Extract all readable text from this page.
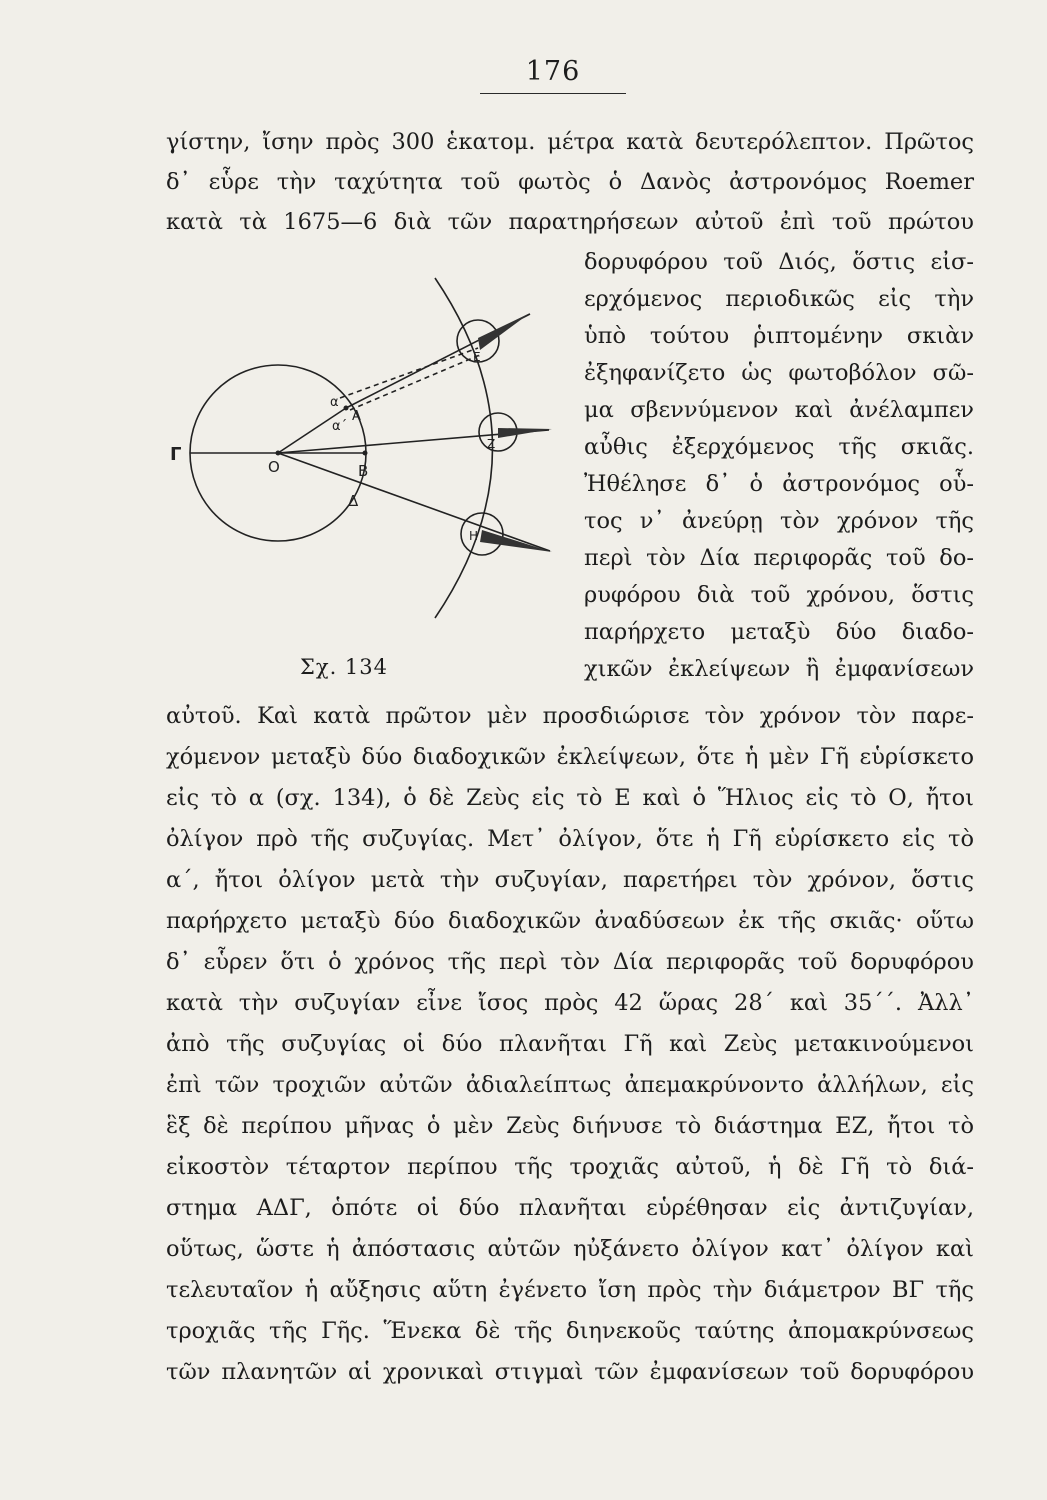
176
γίστην, ἴσην πρὸς 300 ἑκατομ. μέτρα κατὰ δευτερόλεπτον. Πρῶτος
δ᾽ εὗρε τὴν ταχύτητα τοῦ φωτὸς ὁ Δανὸς ἀστρονόμος Roemer
κατὰ τὰ 1675—6 διὰ τῶν παρατηρήσεων αὐτοῦ ἐπὶ τοῦ πρώτου
δορυφόρου τοῦ Διός, ὅστις εἰσ-
ερχόμενος περιοδικῶς εἰς τὴν
ὑπὸ τούτου ῥιπτομένην σκιὰν
ἐξηφανίζετο ὡς φωτοβόλον σῶ-
μα σβεννύμενον καὶ ἀνέλαμπεν
αὖθις ἐξερχόμενος τῆς σκιᾶς.
Ἠθέλησε δ᾽ ὁ ἀστρονόμος οὗ-
τος ν᾽ ἀνεύρῃ τὸν χρόνον τῆς
περὶ τὸν Δία περιφορᾶς τοῦ δο-
ρυφόρου διὰ τοῦ χρόνου, ὅστις
παρήρχετο μεταξὺ δύο διαδο-
χικῶν ἐκλείψεων ἢ ἐμφανίσεων
αὐτοῦ. Καὶ κατὰ πρῶτον μὲν προσδιώρισε τὸν χρόνον τὸν παρε-
χόμενον μεταξὺ δύο διαδοχικῶν ἐκλείψεων, ὅτε ἡ μὲν Γῆ εὑρίσκετο
εἰς τὸ α (σχ. 134), ὁ δὲ Ζεὺς εἰς τὸ Ε καὶ ὁ Ἥλιος εἰς τὸ Ο, ἤτοι
ὀλίγον πρὸ τῆς συζυγίας. Μετ᾽ ὀλίγον, ὅτε ἡ Γῆ εὑρίσκετο εἰς τὸ
α΄, ἤτοι ὀλίγον μετὰ τὴν συζυγίαν, παρετήρει τὸν χρόνον, ὅστις
παρήρχετο μεταξὺ δύο διαδοχικῶν ἀναδύσεων ἐκ τῆς σκιᾶς· οὕτω
δ᾽ εὗρεν ὅτι ὁ χρόνος τῆς περὶ τὸν Δία περιφορᾶς τοῦ δορυφόρου
κατὰ τὴν συζυγίαν εἶνε ἴσος πρὸς 42 ὥρας 28΄ καὶ 35΄΄. Ἀλλ᾽
ἀπὸ τῆς συζυγίας οἱ δύο πλανῆται Γῆ καὶ Ζεὺς μετακινούμενοι
ἐπὶ τῶν τροχιῶν αὐτῶν ἀδιαλείπτως ἀπεμακρύνοντο ἀλλήλων, εἰς
ἓξ δὲ περίπου μῆνας ὁ μὲν Ζεὺς διήνυσε τὸ διάστημα ΕΖ, ἤτοι τὸ
εἰκοστὸν τέταρτον περίπου τῆς τροχιᾶς αὐτοῦ, ἡ δὲ Γῆ τὸ διά-
στημα ΑΔΓ, ὁπότε οἱ δύο πλανῆται εὑρέθησαν εἰς ἀντιζυγίαν,
οὕτως, ὥστε ἡ ἀπόστασις αὐτῶν ηὐξάνετο ὀλίγον κατ᾽ ὀλίγον καὶ
τελευταῖον ἡ αὔξησις αὕτη ἐγένετο ἴση πρὸς τὴν διάμετρον ΒΓ τῆς
τροχιᾶς τῆς Γῆς. Ἕνεκα δὲ τῆς διηνεκοῦς ταύτης ἀπομακρύνσεως
τῶν πλανητῶν αἱ χρονικαὶ στιγμαὶ τῶν ἐμφανίσεων τοῦ δορυφόρου
Γ
Ο	Β
Δ
Α
α
α΄
Ε
Ζ
Η
Σχ. 134
